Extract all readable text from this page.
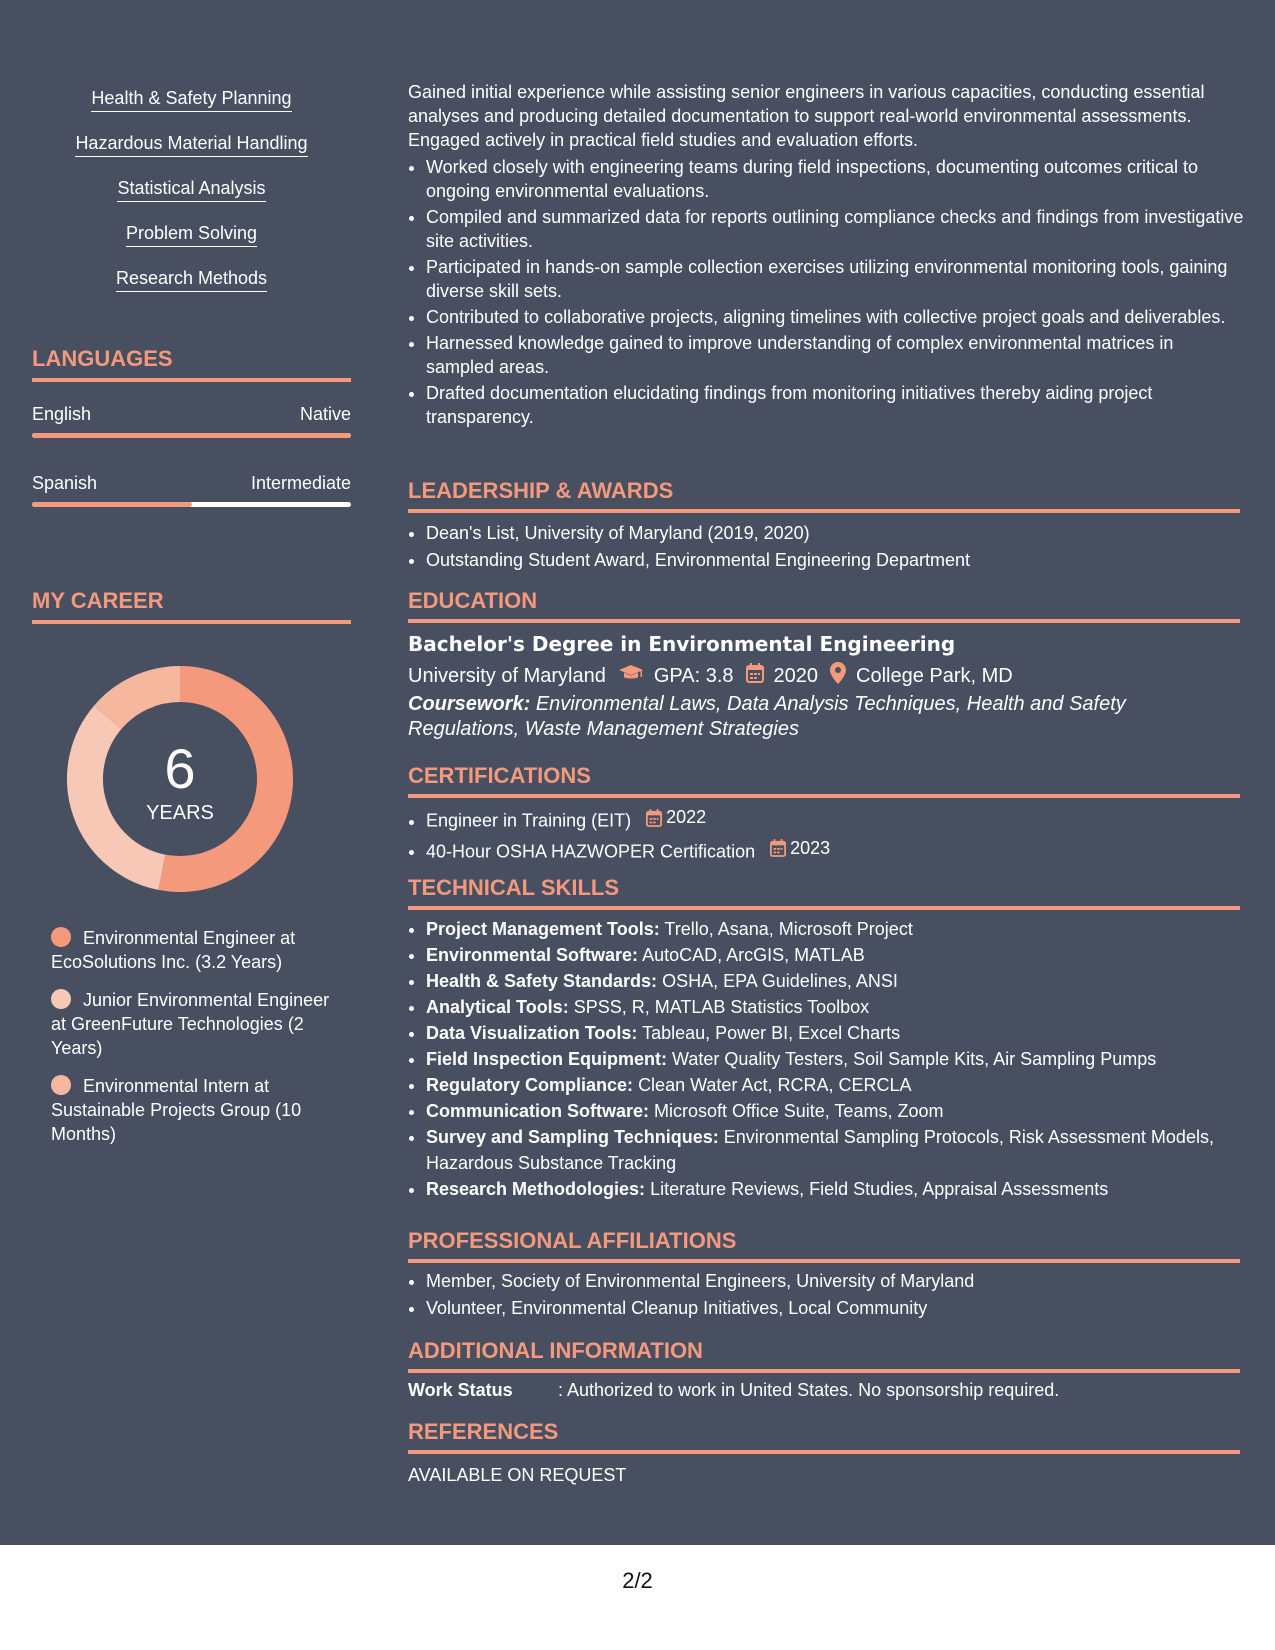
Health & Safety Planning
Hazardous Material Handling
Statistical Analysis
Problem Solving
Research Methods
LANGUAGES
English	Native
Spanish	Intermediate
MY CAREER
6
YEARS
Environmental Engineer at EcoSolutions Inc. (3.2 Years)
Junior Environmental Engineer at GreenFuture Technologies (2 Years)
Environmental Intern at Sustainable Projects Group (10 Months)

Gained initial experience while assisting senior engineers in various capacities, conducting essential analyses and producing detailed documentation to support real-world environmental assessments. Engaged actively in practical field studies and evaluation efforts.

• Worked closely with engineering teams during field inspections, documenting outcomes critical to ongoing environmental evaluations.
• Compiled and summarized data for reports outlining compliance checks and findings from investigative site activities.
• Participated in hands-on sample collection exercises utilizing environmental monitoring tools, gaining diverse skill sets.
• Contributed to collaborative projects, aligning timelines with collective project goals and deliverables.
• Harnessed knowledge gained to improve understanding of complex environmental matrices in sampled areas.
• Drafted documentation elucidating findings from monitoring initiatives thereby aiding project transparency.
LEADERSHIP & AWARDS
• Dean's List, University of Maryland (2019, 2020)
• Outstanding Student Award, Environmental Engineering Department
EDUCATION
Bachelor's Degree in Environmental Engineering
University of Maryland GPA: 3.8 2020 College Park, MD
Coursework: Environmental Laws, Data Analysis Techniques, Health and Safety Regulations, Waste Management Strategies
CERTIFICATIONS
• Engineer in Training (EIT) 2022
• 40-Hour OSHA HAZWOPER Certification 2023
TECHNICAL SKILLS
• Project Management Tools: Trello, Asana, Microsoft Project
• Environmental Software: AutoCAD, ArcGIS, MATLAB
• Health & Safety Standards: OSHA, EPA Guidelines, ANSI
• Analytical Tools: SPSS, R, MATLAB Statistics Toolbox
• Data Visualization Tools: Tableau, Power BI, Excel Charts
• Field Inspection Equipment: Water Quality Testers, Soil Sample Kits, Air Sampling Pumps
• Regulatory Compliance: Clean Water Act, RCRA, CERCLA
• Communication Software: Microsoft Office Suite, Teams, Zoom
• Survey and Sampling Techniques: Environmental Sampling Protocols, Risk Assessment Models, Hazardous Substance Tracking
• Research Methodologies: Literature Reviews, Field Studies, Appraisal Assessments
PROFESSIONAL AFFILIATIONS
• Member, Society of Environmental Engineers, University of Maryland
• Volunteer, Environmental Cleanup Initiatives, Local Community
ADDITIONAL INFORMATION
Work Status	: Authorized to work in United States. No sponsorship required.
REFERENCES
AVAILABLE ON REQUEST
2/2
